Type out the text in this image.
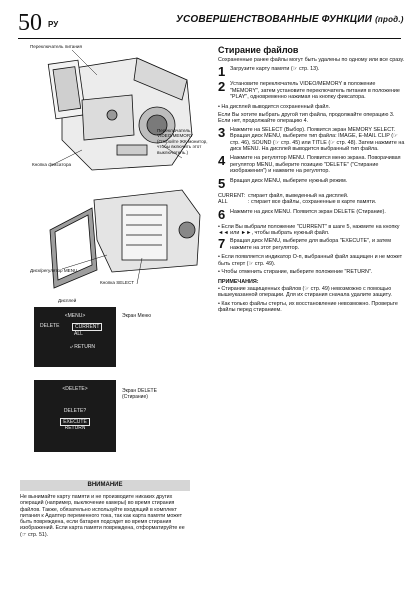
50 РУ	УСОВЕРШЕНСТВОВАННЫЕ ФУНКЦИИ (прод.)
Переключатель питания
Переключатель VIDEO/MEMORY (Откройте ЖК-монитор, чтобы включить этот выключатель.)
Кнопка фиксатора
Диск/регулятор MENU
Кнопка SELECT
Дисплей
<MENU>
DELETE	CURRENT
ALL
⤶ RETURN
Экран Меню
<DELETE>
DELETE?
EXECUTE
RETURN
Экран DELETE (Стирание)
ВНИМАНИЕ
Не вынимайте карту памяти и не производите никаких других операций (например, выключение камеры) во время стирания файлов. Также, обязательно используйте входящий в комплект питания к Адаптер переменного тока, так как карта памяти может быть повреждена, если батарея подсядет во время стирания изображений. Если карта памяти повреждена, отформатируйте ее (☞ стр. 51).
Стирание файлов

Сохраненные ранее файлы могут быть удалены по одному или все сразу.

1 Загрузите карту памяти (☞ стр. 13).
2 Установите переключатель VIDEO/MEMORY в положение "MEMORY", затем установите переключатель питания в положение "PLAY", одновременно нажимая на кнопку фиксатора.
• На дисплей выводится сохраненный файл.
Если Вы хотите выбрать другой тип файла, продолжайте операцию 3. Если нет, продолжайте операцию 4.
3 Нажмите на SELECT (Выбор). Появится экран MEMORY SELECT. Вращая диск MENU, выберите тип файла: IMAGE, E-MAIL CLIP (☞ стр. 46), SOUND (☞ стр. 45) или TITLE (☞ стр. 48). Затем нажмите на диск MENU. На дисплей выводится выбранный тип файла.
4 Нажмите на регулятор MENU. Появится меню экрана. Поворачивая регулятор MENU, выберите позицию "DELETE" ("Стирание изображения") и нажмите на регулятор.
5 Вращая диск MENU, выберите нужный режим.
CURRENT: стирает файл, выведенный на дисплей.
ALL	: стирает все файлы, сохраненные в карте памяти.
6 Нажмите на диск MENU. Появится экран DELETE (Стирание).
• Если Вы выбрали положение "CURRENT" в шаге 5, нажмите на кнопку ◄◄ или ►►, чтобы выбрать нужный файл.
7 Вращая диск MENU, выберите для выбора "EXECUTE", и затем нажмите на этот регулятор.
• Если появляется индикатор О-п, выбранный файл защищен и не может быть стерт (☞ стр. 49).
• Чтобы отменить стирание, выберите положение "RETURN".
ПРИМЕЧАНИЯ:
• Стирание защищенных файлов (☞ стр. 49) невозможно с помощью вышеуказанной операции. Для их стирания сначала удалите защиту.
• Как только файлы стерты, их восстановление невозможно. Проверьте файлы перед стиранием.
